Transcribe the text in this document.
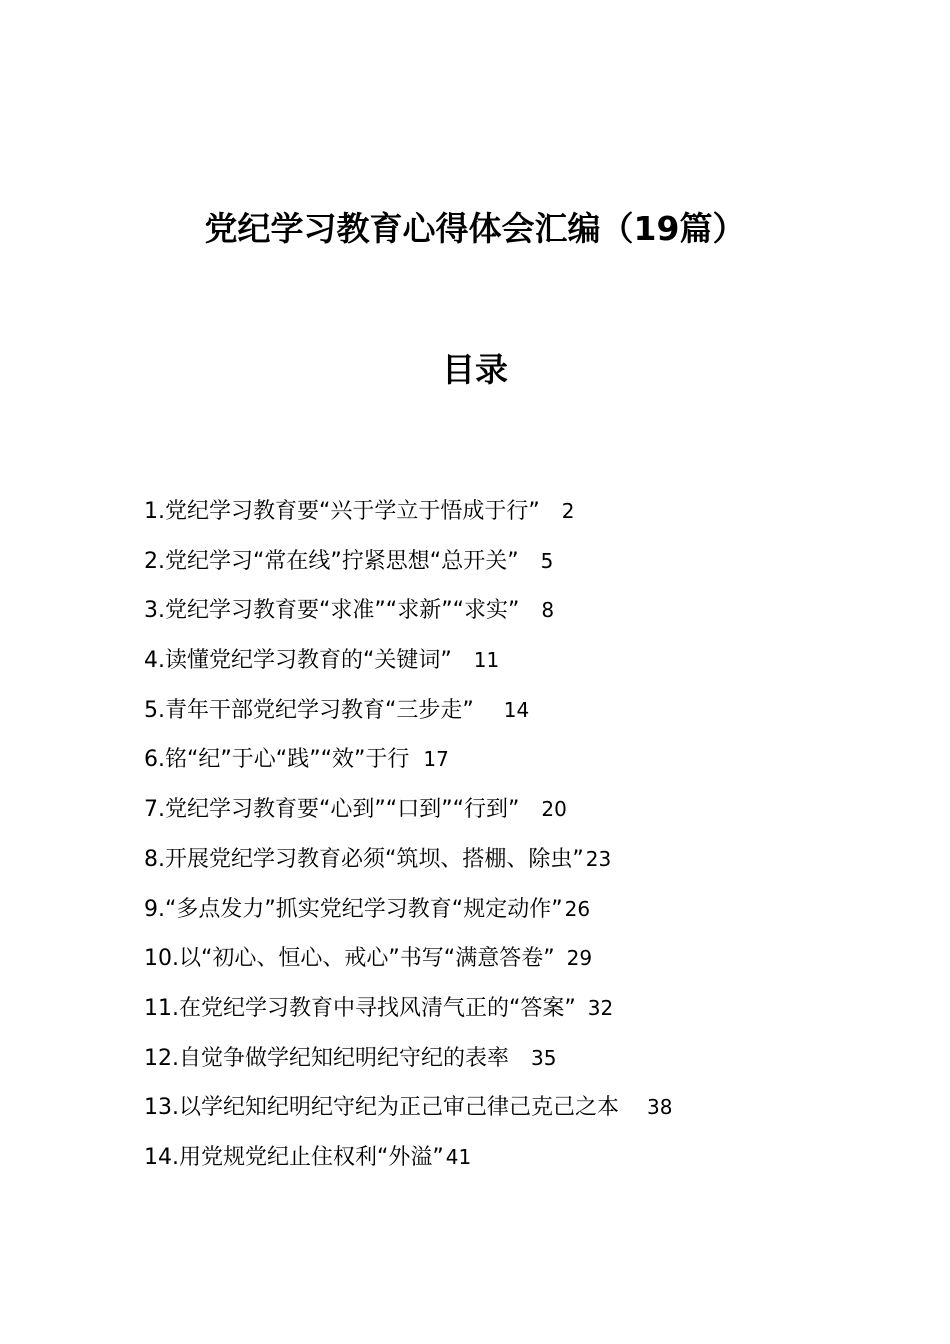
党纪学习教育心得体会汇编（19篇）
目录
1.党纪学习教育要“兴于学立于悟成于行” 2
2.党纪学习“常在线”拧紧思想“总开关” 5
3.党纪学习教育要“求准”“求新”“求实” 8
4.读懂党纪学习教育的“关键词” 11
5.青年干部党纪学习教育“三步走” 14
6.铭“纪”于心“践”“效”于行 17
7.党纪学习教育要“心到”“口到”“行到” 20
8.开展党纪学习教育必须“筑坝、搭棚、除虫” 23
9.“多点发力”抓实党纪学习教育“规定动作” 26
10.以“初心、恒心、戒心”书写“满意答卷” 29
11.在党纪学习教育中寻找风清气正的“答案” 32
12.自觉争做学纪知纪明纪守纪的表率 35
13.以学纪知纪明纪守纪为正己审己律己克己之本 38
14.用党规党纪止住权利“外溢” 41
